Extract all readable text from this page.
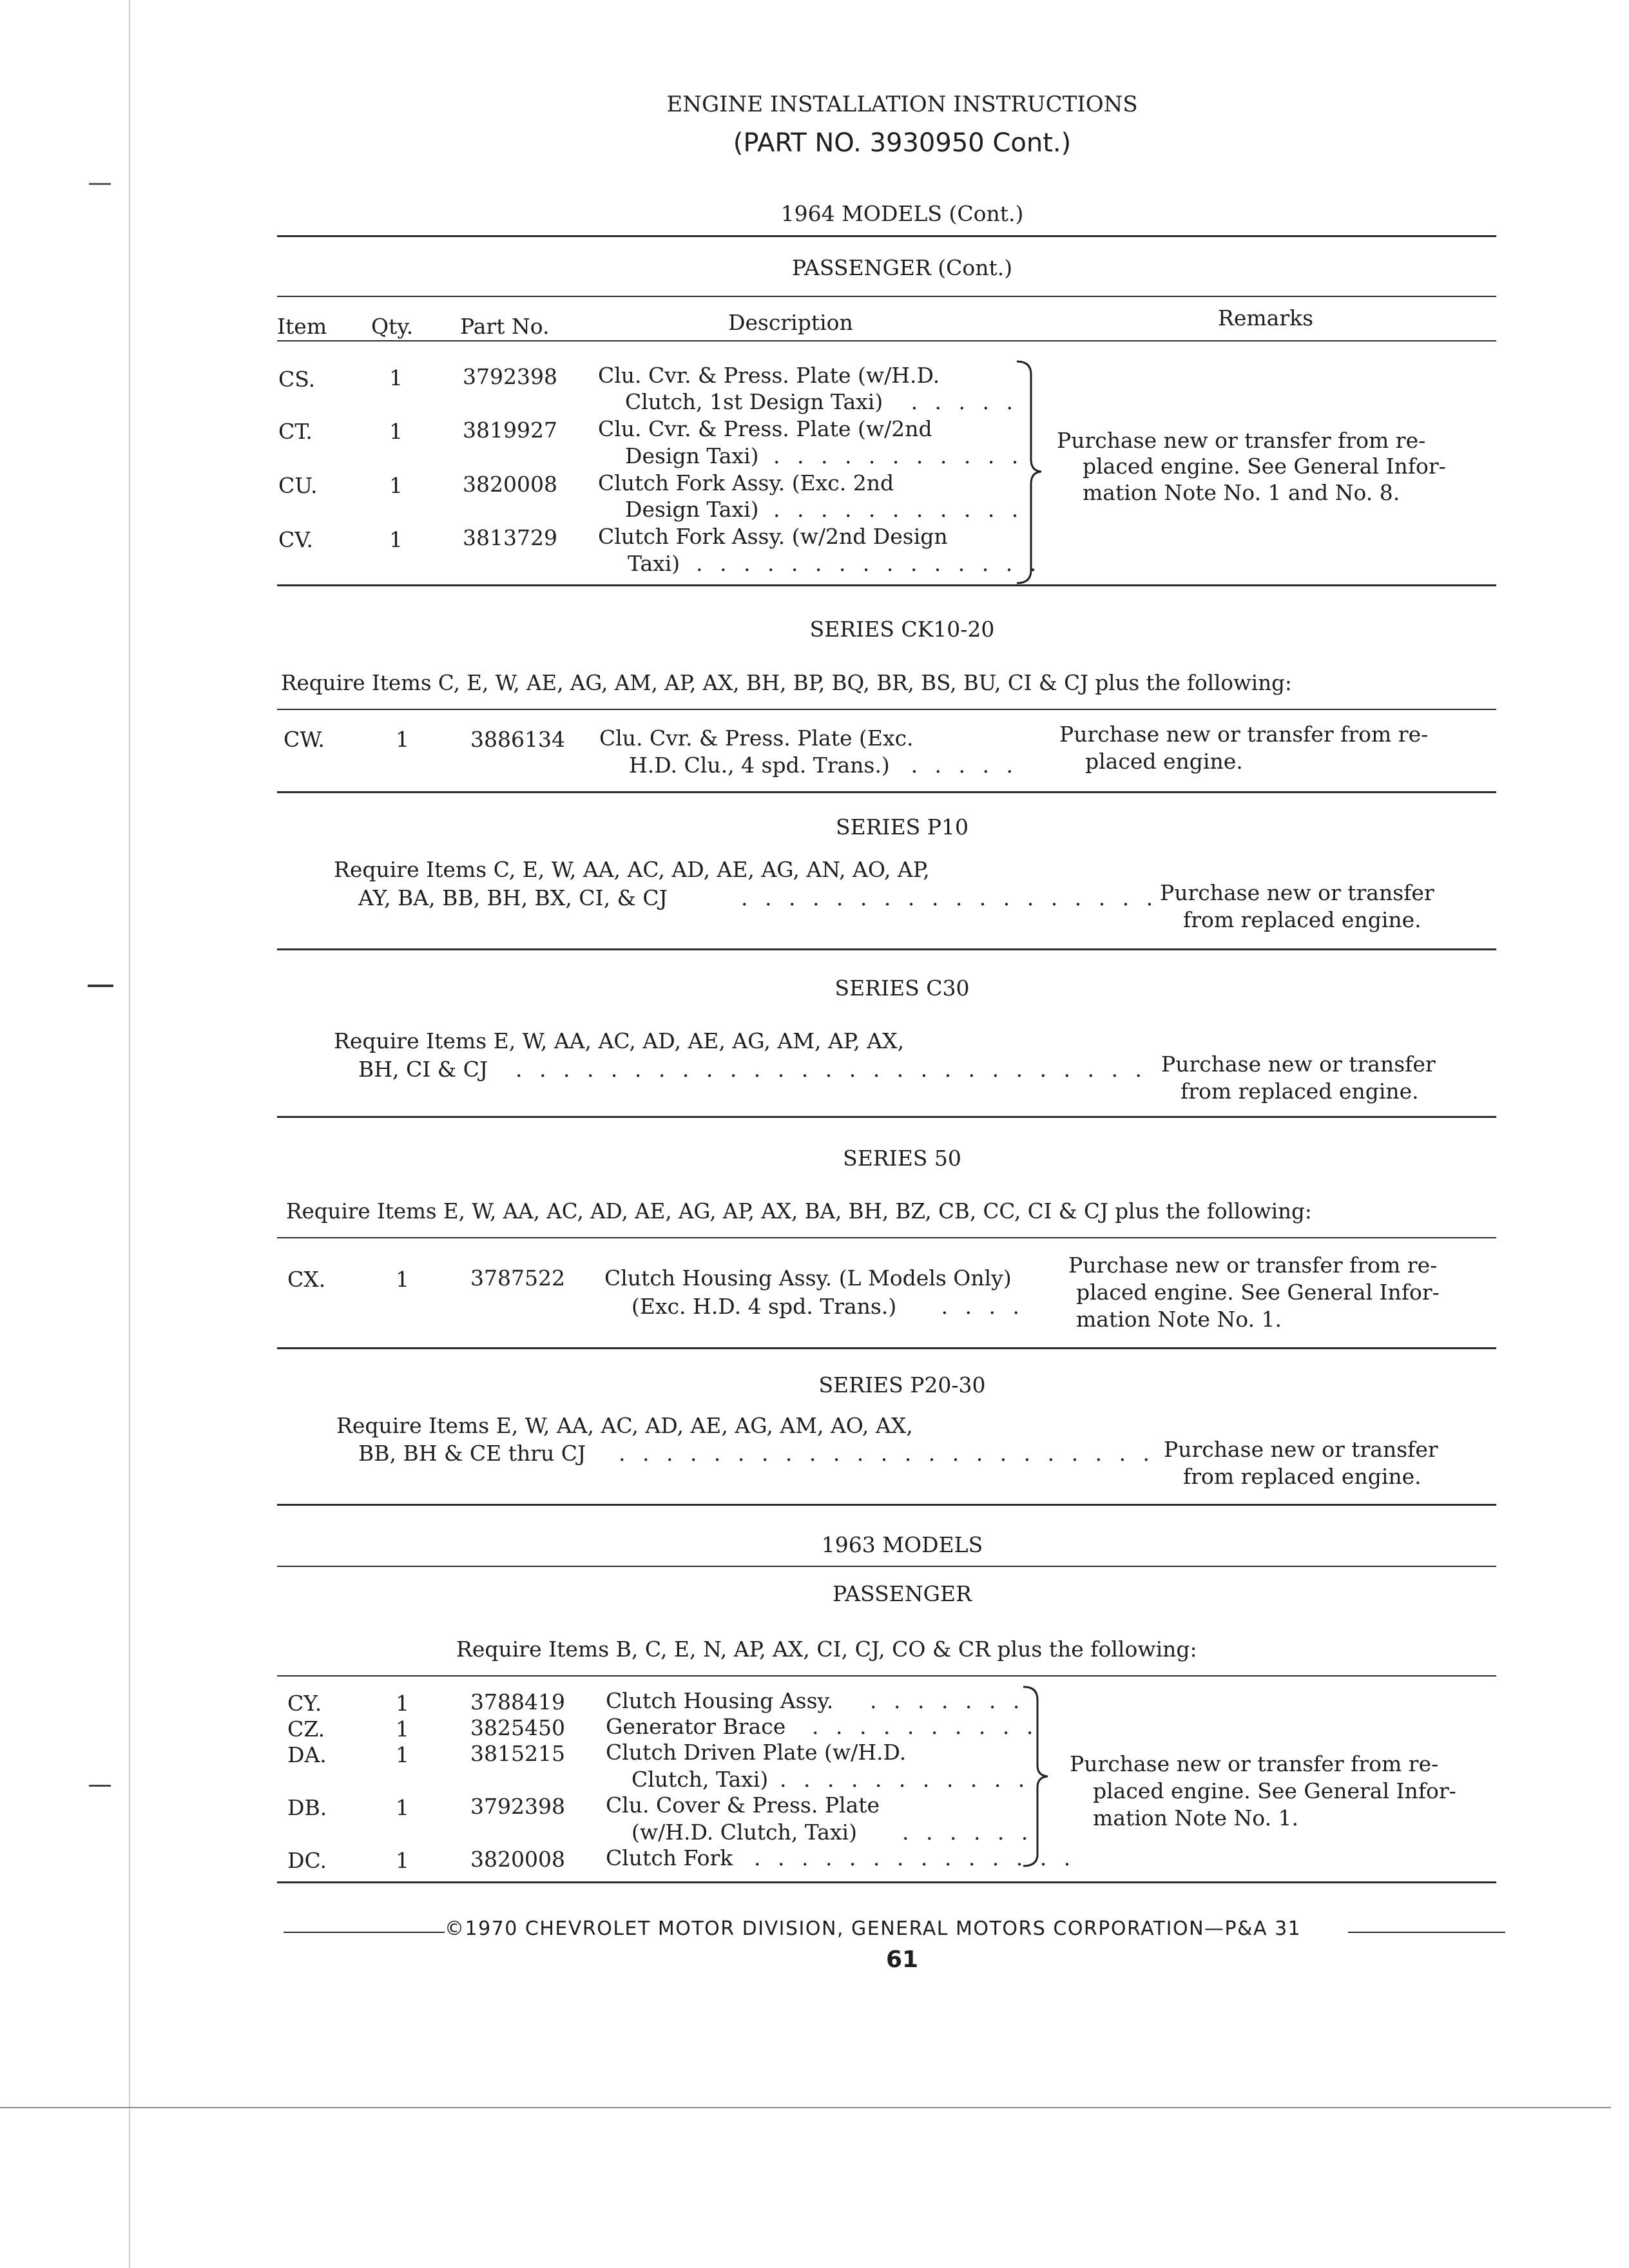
ENGINE INSTALLATION INSTRUCTIONS
(PART NO. 3930950 Cont.)
1964 MODELS (Cont.)
PASSENGER (Cont.)
Item Qty. Part No.	Description	Remarks
CS.	1	3792398 Clu. Cvr. & Press. Plate (w/H.D.
Clutch, 1st Design Taxi)	. . . . .
CT.	1	3819927 Clu. Cvr. & Press. Plate (w/2nd
Design Taxi) . . . . . . . . . . .
CU.	1	3820008 Clutch Fork Assy. (Exc. 2nd
Design Taxi) . . . . . . . . . . .
CV.	1	3813729 Clutch Fork Assy. (w/2nd Design
Taxi) . . . . . . . . . . . . . . .
Purchase new or transfer from re-
placed engine. See General Infor-
mation Note No. 1 and No. 8.
SERIES CK10-20
Require Items C, E, W, AE, AG, AM, AP, AX, BH, BP, BQ, BR, BS, BU, CI & CJ plus the following:
CW.	1	3886134 Clu. Cvr. & Press. Plate (Exc.
H.D. Clu., 4 spd. Trans.) . . . . .
Purchase new or transfer from re-
placed engine.
SERIES P10
Require Items C, E, W, AA, AC, AD, AE, AG, AN, AO, AP,
AY, BA, BB, BH, BX, CI, & CJ	. . . . . . . . . . . . . . . . . . Purchase new or transfer
from replaced engine.
SERIES C30
Require Items E, W, AA, AC, AD, AE, AG, AM, AP, AX,
BH, CI & CJ . . . . . . . . . . . . . . . . . . . . . . . . . . . Purchase new or transfer
from replaced engine.
SERIES 50
Require Items E, W, AA, AC, AD, AE, AG, AP, AX, BA, BH, BZ, CB, CC, CI & CJ plus the following:
CX.	1	3787522 Clutch Housing Assy. (L Models Only)
(Exc. H.D. 4 spd. Trans.)	. . . .
Purchase new or transfer from re-
placed engine. See General Infor-
mation Note No. 1.
SERIES P20-30
Require Items E, W, AA, AC, AD, AE, AG, AM, AO, AX,
BB, BH & CE thru CJ . . . . . . . . . . . . . . . . . . . . . . . Purchase new or transfer
from replaced engine.
1963 MODELS
PASSENGER
Require Items B, C, E, N, AP, AX, CI, CJ, CO & CR plus the following:
CY.	1	3788419 Clutch Housing Assy. . . . . . . .
CZ.	1	3825450 Generator Brace . . . . . . . . . .
DA.	1	3815215 Clutch Driven Plate (w/H.D.
Clutch, Taxi) . . . . . . . . . . .
DB.	1	3792398 Clu. Cover & Press. Plate
(w/H.D. Clutch, Taxi) . . . . . .
DC.	1	3820008 Clutch Fork . . . . . . . . . . . . . .
Purchase new or transfer from re-
placed engine. See General Infor-
mation Note No. 1.
©1970 CHEVROLET MOTOR DIVISION, GENERAL MOTORS CORPORATION—P&A 31
61
